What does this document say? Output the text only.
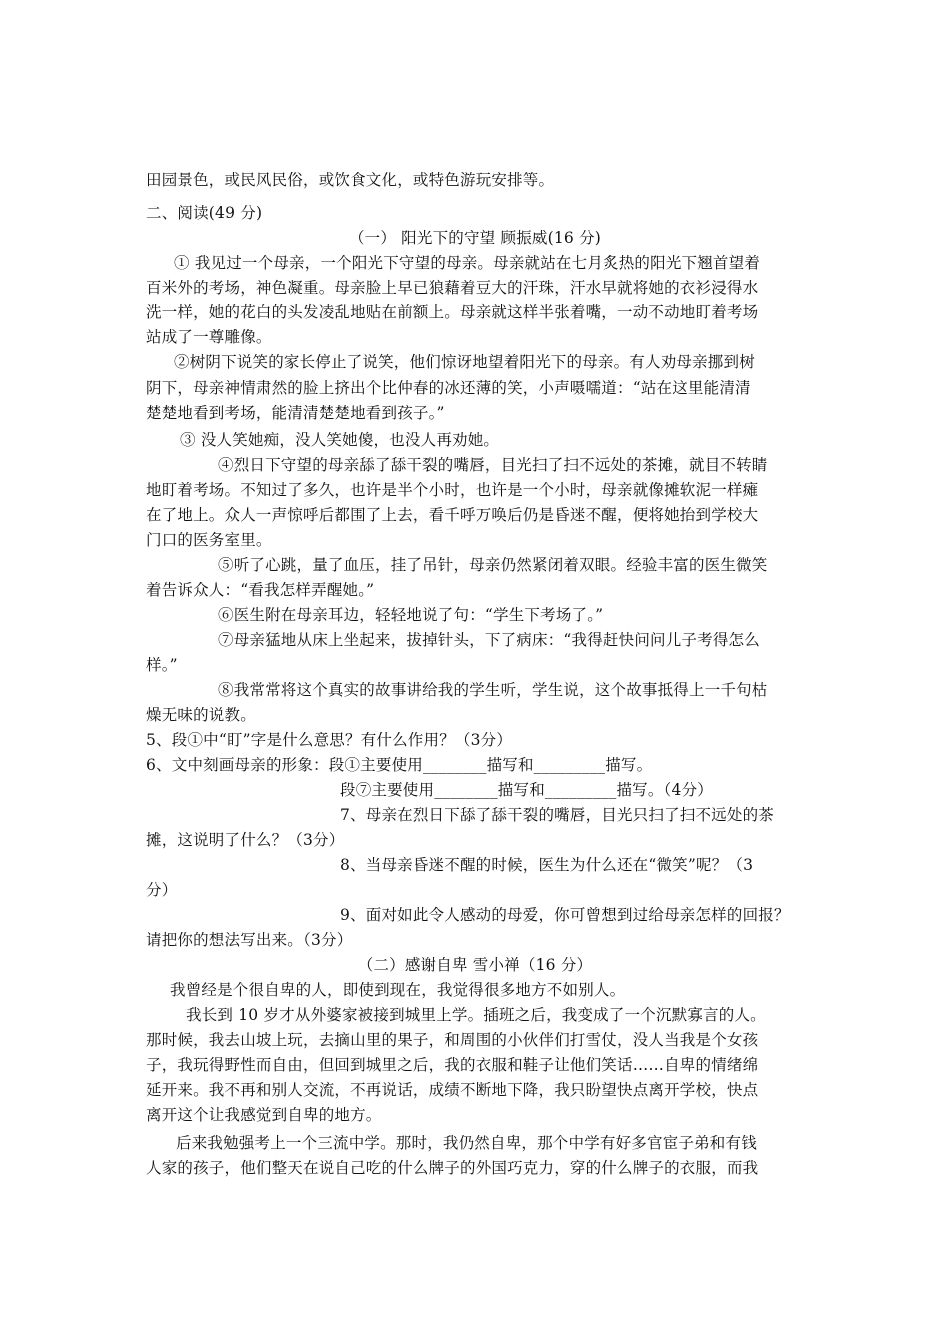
田园景色，或民风民俗，或饮食文化，或特色游玩安排等。
二、阅读(49 分)
（一） 阳光下的守望 顾振威(16 分)
① 我见过一个母亲，一个阳光下守望的母亲。母亲就站在七月炙热的阳光下翘首望着
百米外的考场，神色凝重。母亲脸上早已狼藉着豆大的汗珠，汗水早就将她的衣衫浸得水
洗一样，她的花白的头发凌乱地贴在前额上。母亲就这样半张着嘴，一动不动地盯着考场
站成了一尊雕像。
②树阴下说笑的家长停止了说笑，他们惊讶地望着阳光下的母亲。有人劝母亲挪到树
阴下，母亲神情肃然的脸上挤出个比仲春的冰还薄的笑，小声嗫嚅道：“站在这里能清清
楚楚地看到考场，能清清楚楚地看到孩子。”
③ 没人笑她痴，没人笑她傻，也没人再劝她。
④烈日下守望的母亲舔了舔干裂的嘴唇，目光扫了扫不远处的茶摊，就目不转睛
地盯着考场。不知过了多久，也许是半个小时，也许是一个小时，母亲就像摊软泥一样瘫
在了地上。众人一声惊呼后都围了上去，看千呼万唤后仍是昏迷不醒，便将她抬到学校大
门口的医务室里。
⑤听了心跳，量了血压，挂了吊针，母亲仍然紧闭着双眼。经验丰富的医生微笑
着告诉众人：“看我怎样弄醒她。”
⑥医生附在母亲耳边，轻轻地说了句：“学生下考场了。”
⑦母亲猛地从床上坐起来，拔掉针头，下了病床：“我得赶快问问儿子考得怎么
样。”
⑧我常常将这个真实的故事讲给我的学生听，学生说，这个故事抵得上一千句枯
燥无味的说教。
5、段①中“盯”字是什么意思？有什么作用？（3分）
6、文中刻画母亲的形象：段①主要使用________描写和_________描写。
段⑦主要使用________描写和_________描写。（4分）
7、母亲在烈日下舔了舔干裂的嘴唇，目光只扫了扫不远处的茶
摊，这说明了什么？（3分）
8、当母亲昏迷不醒的时候，医生为什么还在“微笑”呢？（3
分）
9、面对如此令人感动的母爱，你可曾想到过给母亲怎样的回报？
请把你的想法写出来。（3分）
（二）感谢自卑 雪小禅（16 分）
我曾经是个很自卑的人，即使到现在，我觉得很多地方不如别人。
我长到 10 岁才从外婆家被接到城里上学。插班之后，我变成了一个沉默寡言的人。
那时候，我去山坡上玩，去摘山里的果子，和周围的小伙伴们打雪仗，没人当我是个女孩
子，我玩得野性而自由，但回到城里之后，我的衣服和鞋子让他们笑话……自卑的情绪绵
延开来。我不再和别人交流，不再说话，成绩不断地下降，我只盼望快点离开学校，快点
离开这个让我感觉到自卑的地方。
后来我勉强考上一个三流中学。那时，我仍然自卑，那个中学有好多官宦子弟和有钱
人家的孩子，他们整天在说自己吃的什么牌子的外国巧克力，穿的什么牌子的衣服，而我
